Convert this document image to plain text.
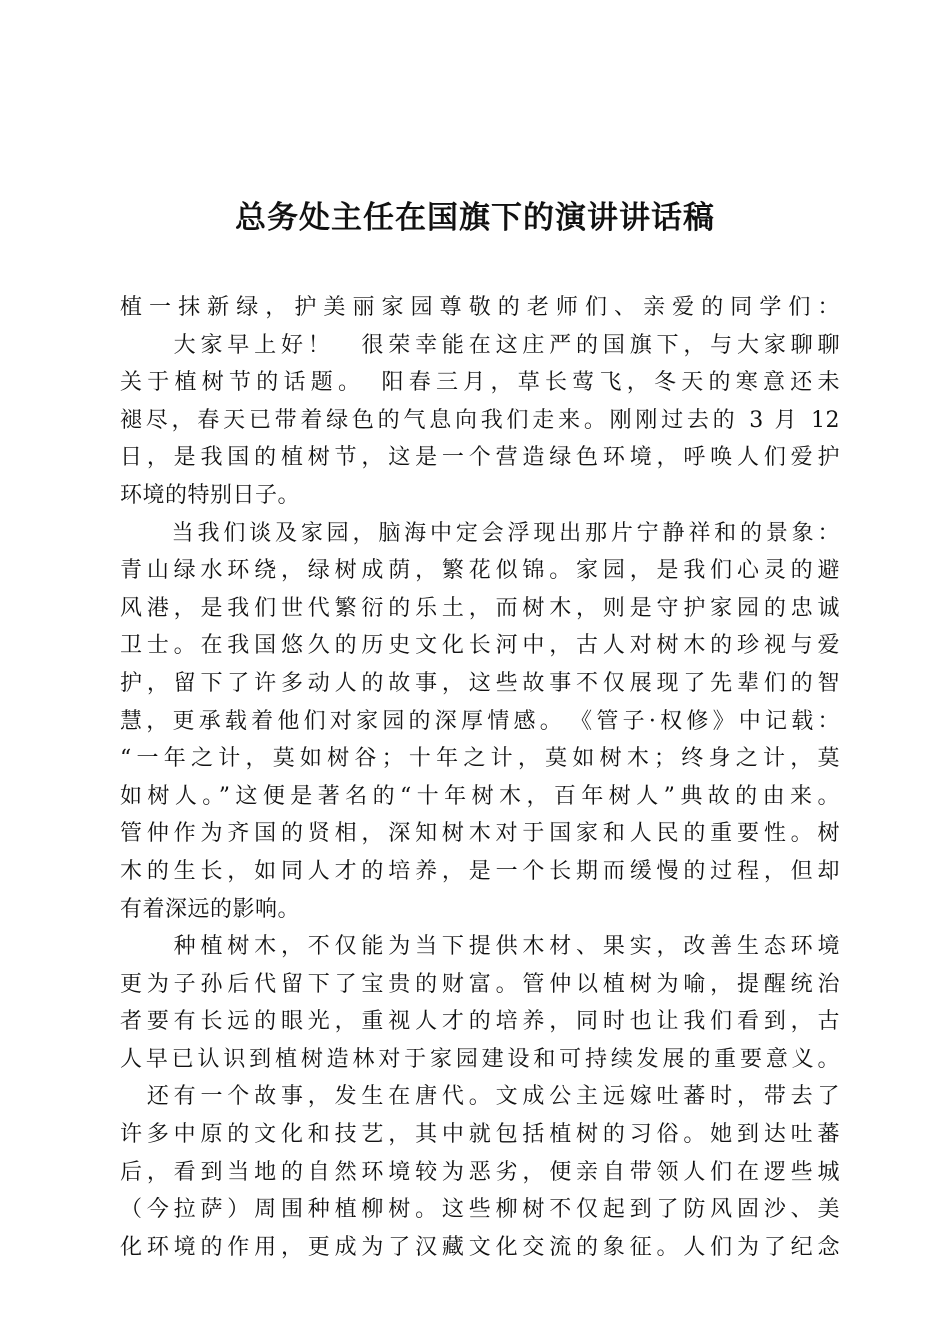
总务处主任在国旗下的演讲讲话稿
植一抹新绿，护美丽家园尊敬的老师们、亲爱的同学们：
　　大家早上好！　很荣幸能在这庄严的国旗下，与大家聊聊
关于植树节的话题。　阳春三月，草长莺飞，冬天的寒意还未
褪尽，春天已带着绿色的气息向我们走来。刚刚过去的 3 月 12
日，是我国的植树节，这是一个营造绿色环境，呼唤人们爱护
环境的特别日子。
　　当我们谈及家园，脑海中定会浮现出那片宁静祥和的景象：
青山绿水环绕，绿树成荫，繁花似锦。家园，是我们心灵的避
风港，是我们世代繁衍的乐土，而树木，则是守护家园的忠诚
卫士。在我国悠久的历史文化长河中，古人对树木的珍视与爱
护，留下了许多动人的故事，这些故事不仅展现了先辈们的智
慧，更承载着他们对家园的深厚情感。　《管子·权修》中记载：
“一年之计，莫如树谷；十年之计，莫如树木；终身之计，莫
如树人。”这便是著名的“十年树木，百年树人”典故的由来。
管仲作为齐国的贤相，深知树木对于国家和人民的重要性。树
木的生长，如同人才的培养，是一个长期而缓慢的过程，但却
有着深远的影响。
　　种植树木，不仅能为当下提供木材、果实，改善生态环境
更为子孙后代留下了宝贵的财富。管仲以植树为喻，提醒统治
者要有长远的眼光，重视人才的培养，同时也让我们看到，古
人早已认识到植树造林对于家园建设和可持续发展的重要意义。
　还有一个故事，发生在唐代。文成公主远嫁吐蕃时，带去了
许多中原的文化和技艺，其中就包括植树的习俗。她到达吐蕃
后，看到当地的自然环境较为恶劣，便亲自带领人们在逻些城
（今拉萨）周围种植柳树。这些柳树不仅起到了防风固沙、美
化环境的作用，更成为了汉藏文化交流的象征。人们为了纪念
